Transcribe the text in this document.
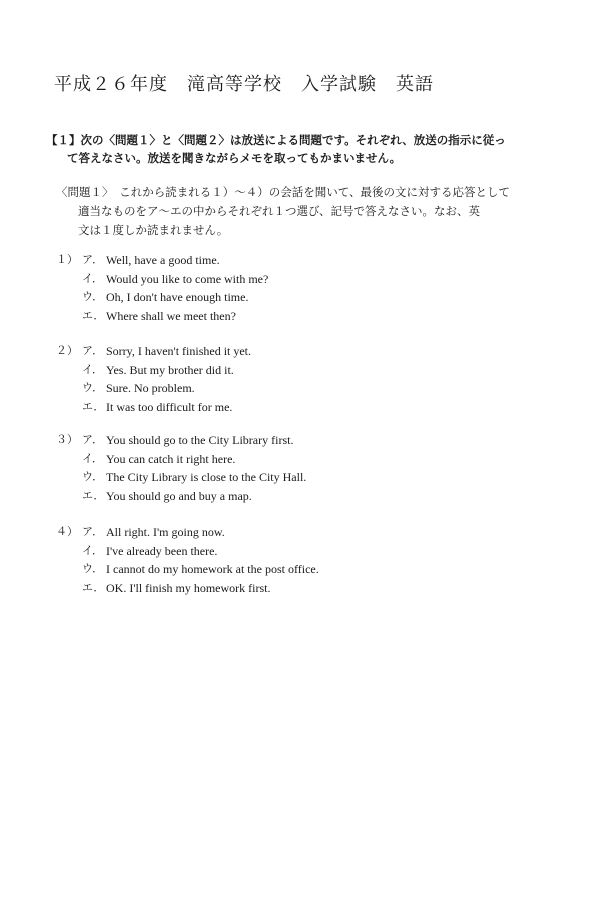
平成２６年度　滝高等学校　入学試験　英語
【１】次の〈問題１〉と〈問題２〉は放送による問題です。それぞれ、放送の指示に従っ
て答えなさい。放送を聞きながらメモを取ってもかまいません。
〈問題１〉　これから読まれる１）～４）の会話を聞いて、最後の文に対する応答として
適当なものをア～エの中からそれぞれ１つ選び、記号で答えなさい。なお、英
文は１度しか読まれません。
１） ア． Well, have a good time.
イ． Would you like to come with me?
ウ． Oh, I don't have enough time.
エ． Where shall we meet then?
２） ア． Sorry, I haven't finished it yet.
イ． Yes. But my brother did it.
ウ． Sure. No problem.
エ． It was too difficult for me.
３） ア． You should go to the City Library first.
イ． You can catch it right here.
ウ． The City Library is close to the City Hall.
エ． You should go and buy a map.
４） ア． All right. I'm going now.
イ． I've already been there.
ウ． I cannot do my homework at the post office.
エ． OK. I'll finish my homework first.
